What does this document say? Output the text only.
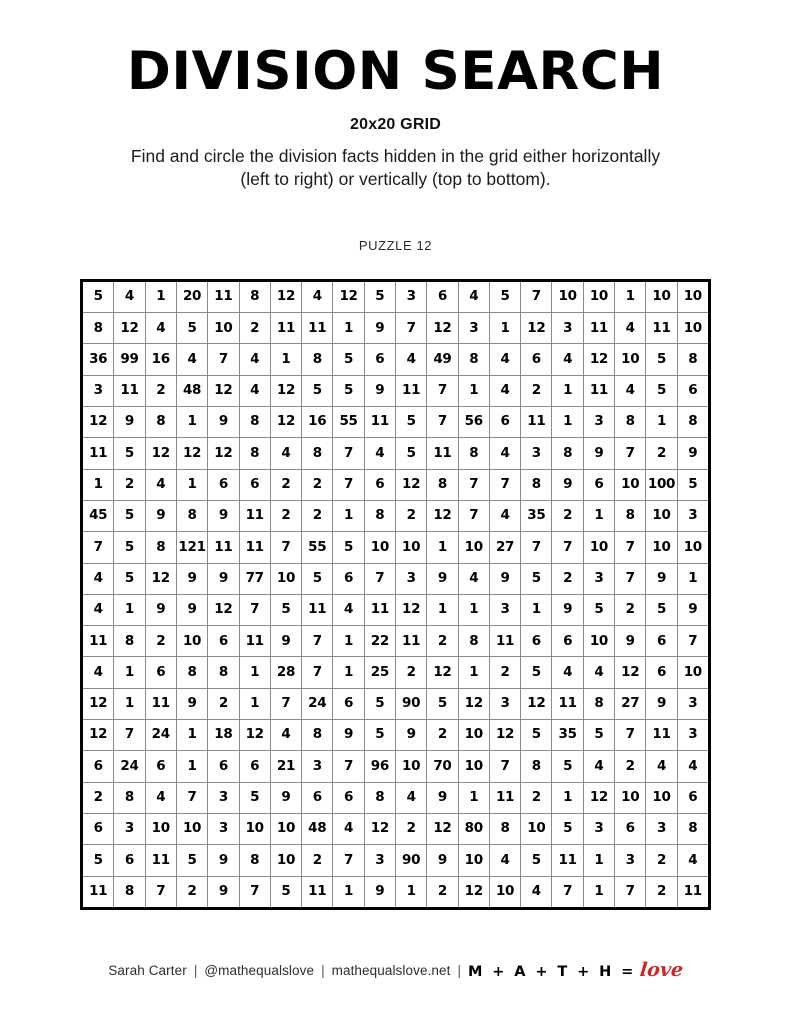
DIVISION SEARCH
20x20 GRID

Find and circle the division facts hidden in the grid either horizontally
(left to right) or vertically (top to bottom).

PUZZLE 12
5	4	1	20	11	8	12	4	12	5	3	6	4	5	7	10	10	1	10	10
8	12	4	5	10	2	11	11	1	9	7	12	3	1	12	3	11	4	11	10
36	99	16	4	7	4	1	8	5	6	4	49	8	4	6	4	12	10	5	8
3	11	2	48	12	4	12	5	5	9	11	7	1	4	2	1	11	4	5	6
12	9	8	1	9	8	12	16	55	11	5	7	56	6	11	1	3	8	1	8
11	5	12	12	12	8	4	8	7	4	5	11	8	4	3	8	9	7	2	9
1	2	4	1	6	6	2	2	7	6	12	8	7	7	8	9	6	10	100	5
45	5	9	8	9	11	2	2	1	8	2	12	7	4	35	2	1	8	10	3
7	5	8	121	11	11	7	55	5	10	10	1	10	27	7	7	10	7	10	10
4	5	12	9	9	77	10	5	6	7	3	9	4	9	5	2	3	7	9	1
4	1	9	9	12	7	5	11	4	11	12	1	1	3	1	9	5	2	5	9
11	8	2	10	6	11	9	7	1	22	11	2	8	11	6	6	10	9	6	7
4	1	6	8	8	1	28	7	1	25	2	12	1	2	5	4	4	12	6	10
12	1	11	9	2	1	7	24	6	5	90	5	12	3	12	11	8	27	9	3
12	7	24	1	18	12	4	8	9	5	9	2	10	12	5	35	5	7	11	3
6	24	6	1	6	6	21	3	7	96	10	70	10	7	8	5	4	2	4	4
2	8	4	7	3	5	9	6	6	8	4	9	1	11	2	1	12	10	10	6
6	3	10	10	3	10	10	48	4	12	2	12	80	8	10	5	3	6	3	8
5	6	11	5	9	8	10	2	7	3	90	9	10	4	5	11	1	3	2	4
11	8	7	2	9	7	5	11	1	9	1	2	12	10	4	7	1	7	2	11
Sarah Carter | @mathequalslove | mathequalslove.net | M + A + T + H = love
